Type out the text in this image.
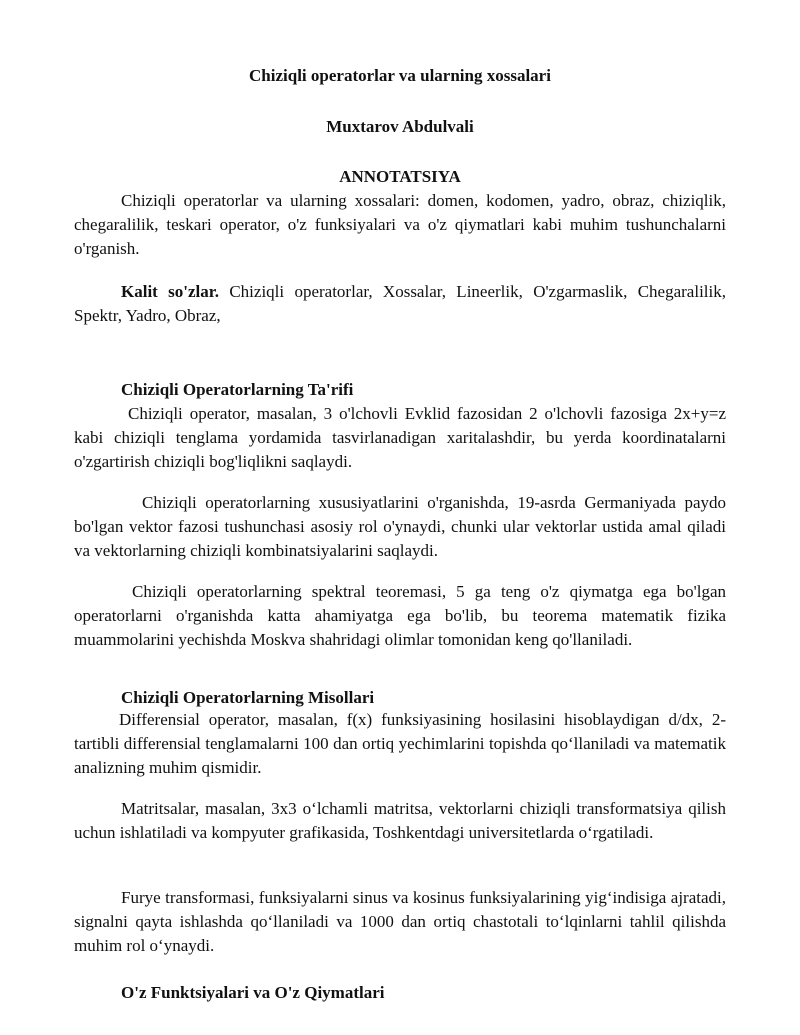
Chiziqli operatorlar va ularning xossalari
Muxtarov Abdulvali
ANNOTATSIYA

Chiziqli operatorlar va ularning xossalari: domen, kodomen, yadro, obraz, chiziqlik, chegaralilik, teskari operator, o'z funksiyalari va o'z qiymatlari kabi muhim tushunchalarni o'rganish.

Kalit so'zlar. Chiziqli operatorlar, Xossalar, Lineerlik, O'zgarmaslik, Chegaralilik, Spektr, Yadro, Obraz,

Chiziqli Operatorlarning Ta'rifi

Chiziqli operator, masalan, 3 o'lchovli Evklid fazosidan 2 o'lchovli fazosiga 2x+y=z kabi chiziqli tenglama yordamida tasvirlanadigan xaritalashdir, bu yerda koordinatalarni o'zgartirish chiziqli bog'liqlikni saqlaydi.

Chiziqli operatorlarning xususiyatlarini o'rganishda, 19-asrda Germaniyada paydo bo'lgan vektor fazosi tushunchasi asosiy rol o'ynaydi, chunki ular vektorlar ustida amal qiladi va vektorlarning chiziqli kombinatsiyalarini saqlaydi.

Chiziqli operatorlarning spektral teoremasi, 5 ga teng o'z qiymatga ega bo'lgan operatorlarni o'rganishda katta ahamiyatga ega bo'lib, bu teorema matematik fizika muammolarini yechishda Moskva shahridagi olimlar tomonidan keng qo'llaniladi.

Chiziqli Operatorlarning Misollari

Differensial operator, masalan, f(x) funksiyasining hosilasini hisoblaydigan d/dx, 2-tartibli differensial tenglamalarni 100 dan ortiq yechimlarini topishda qo‘llaniladi va matematik analizning muhim qismidir.

Matritsalar, masalan, 3x3 o‘lchamli matritsa, vektorlarni chiziqli transformatsiya qilish uchun ishlatiladi va kompyuter grafikasida, Toshkentdagi universitetlarda o‘rgatiladi.

Furye transformasi, funksiyalarni sinus va kosinus funksiyalarining yig‘indisiga ajratadi, signalni qayta ishlashda qo‘llaniladi va 1000 dan ortiq chastotali to‘lqinlarni tahlil qilishda muhim rol o‘ynaydi.

O'z Funktsiyalari va O'z Qiymatlari
